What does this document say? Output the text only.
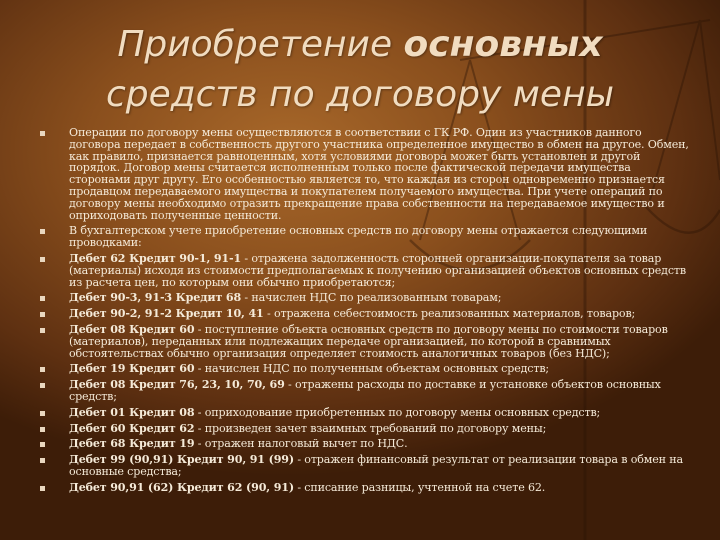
Приобретение основных
средств по договору мены
Операции по договору мены осуществляются в соответствии с ГК РФ. Один из участников данного договора передает в собственность другого участника определенное имущество в обмен на другое. Обмен, как правило, признается равноценным, хотя условиями договора может быть установлен и другой порядок. Договор мены считается исполненным только после фактической передачи имущества сторонами друг другу. Его особенностью является то, что каждая из сторон одновременно признается продавцом передаваемого имущества и покупателем получаемого имущества. При учете операций по договору мены необходимо отразить прекращение права собственности на передаваемое имущество и оприходовать полученные ценности.
В бухгалтерском учете приобретение основных средств по договору мены отражается следующими проводками:
Дебет 62 Кредит 90-1, 91-1 - отражена задолженность сторонней организации-покупателя за товар (материалы) исходя из стоимости предполагаемых к получению организацией объектов основных средств из расчета цен, по которым они обычно приобретаются;
Дебет 90-3, 91-3 Кредит 68 - начислен НДС по реализованным товарам;
Дебет 90-2, 91-2 Кредит 10, 41 - отражена себестоимость реализованных материалов, товаров;
Дебет 08 Кредит 60 - поступление объекта основных средств по договору мены по стоимости товаров (материалов), переданных или подлежащих передаче организацией, по которой в сравнимых обстоятельствах обычно организация определяет стоимость аналогичных товаров (без НДС);
Дебет 19 Кредит 60 - начислен НДС по полученным объектам основных средств;
Дебет 08 Кредит 76, 23, 10, 70, 69 - отражены расходы по доставке и установке объектов основных средств;
Дебет 01 Кредит 08 - оприходование приобретенных по договору мены основных средств;
Дебет 60 Кредит 62 - произведен зачет взаимных требований по договору мены;
Дебет 68 Кредит 19 - отражен налоговый вычет по НДС.
Дебет 99 (90,91) Кредит 90, 91 (99) - отражен финансовый результат от реализации товара в обмен на основные средства;
Дебет 90,91 (62) Кредит 62 (90, 91) - списание разницы, учтенной на счете 62.
